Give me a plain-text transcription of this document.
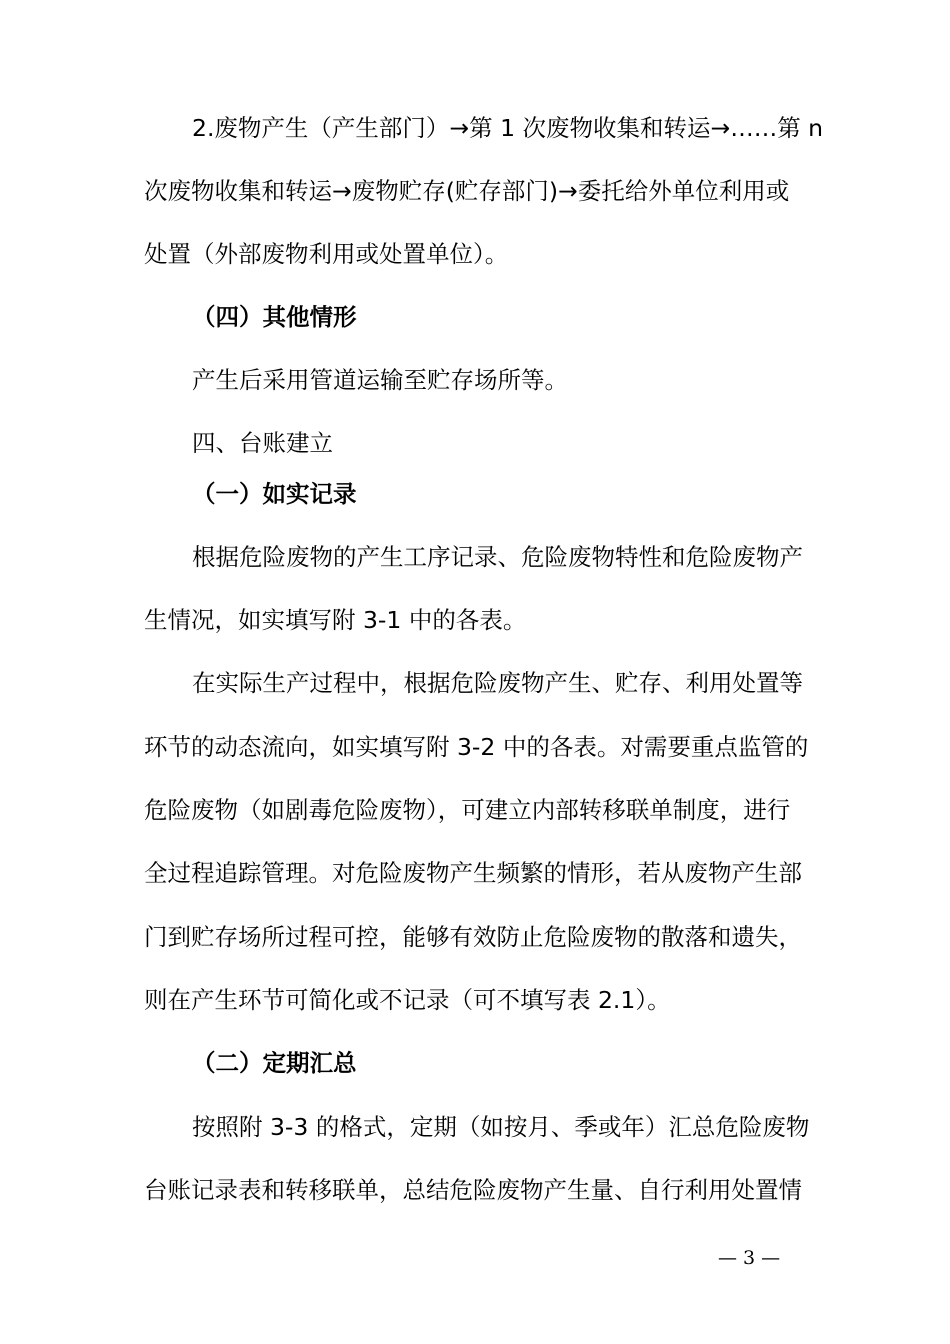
2.废物产生（产生部门）→第 1 次废物收集和转运→……第 n
次废物收集和转运→废物贮存(贮存部门)→委托给外单位利用或
处置（外部废物利用或处置单位）。
（四）其他情形
产生后采用管道运输至贮存场所等。
四、台账建立
（一）如实记录
根据危险废物的产生工序记录、危险废物特性和危险废物产
生情况，如实填写附 3-1 中的各表。
在实际生产过程中，根据危险废物产生、贮存、利用处置等
环节的动态流向，如实填写附 3-2 中的各表。对需要重点监管的
危险废物（如剧毒危险废物），可建立内部转移联单制度，进行
全过程追踪管理。对危险废物产生频繁的情形，若从废物产生部
门到贮存场所过程可控，能够有效防止危险废物的散落和遗失，
则在产生环节可简化或不记录（可不填写表 2.1）。
（二）定期汇总
按照附 3-3 的格式，定期（如按月、季或年）汇总危险废物
台账记录表和转移联单，总结危险废物产生量、自行利用处置情
— 3 —
